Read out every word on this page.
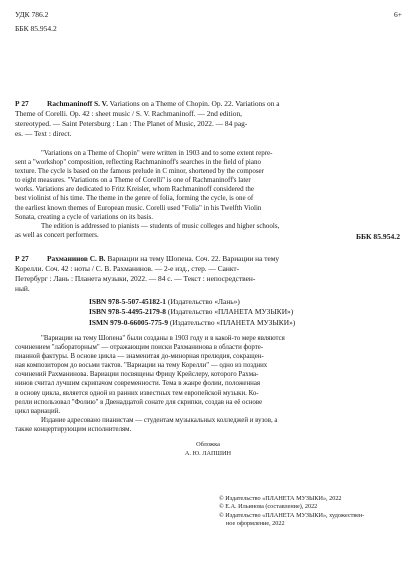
УДК 786.2	6+
ББК 85.954.2
Р 27 Rachmaninoff S. V. Variations on a Theme of Chopin. Op. 22. Variations on a
Theme of Corelli. Op. 42 : sheet music / S. V. Rachmaninoff. — 2nd edition,
stereotyped. — Saint Petersburg : Lan : The Planet of Music, 2022. — 84 pag-
es. — Text : direct.
"Variations on a Theme of Chopin" were written in 1903 and to some extent repre-
sent a "workshop" composition, reflecting Rachmaninoff's searches in the field of piano
texture. The cycle is based on the famous prelude in C minor, shortened by the composer
to eight measures. "Variations on a Theme of Corelli" is one of Rachmaninoff's later
works. Variations are dedicated to Fritz Kreisler, whom Rachmaninoff considered the
best violinist of his time. The theme in the genre of folia, forming the cycle, is one of
the earliest known themes of European music. Corelli used "Folia" in his Twelfth Violin
Sonata, creating a cycle of variations on its basis.
The edition is addressed to pianists — students of music colleges and higher schools,
as well as concert performers.	ББК 85.954.2
Р 27 Рахманинов С. В. Вариации на тему Шопена. Соч. 22. Вариации на тему
Корелли. Соч. 42 : ноты / С. В. Рахманинов. — 2-е изд., стер. — Санкт-
Петербург : Лань : Планета музыки, 2022. — 84 с. — Текст : непосредствен-
ный.
ISBN 978-5-507-45182-1 (Издательство «Лань»)
ISBN 978-5-4495-2179-8 (Издательство «ПЛАНЕТА МУЗЫКИ»)
ISMN 979-0-66005-775-9 (Издательство «ПЛАНЕТА МУЗЫКИ»)
"Вариации на тему Шопена" были созданы в 1903 году и в какой-то мере являются
сочинением "лабораторным" — отражающим поиски Рахманинова в области форте-
пианной фактуры. В основе цикла — знаменитая до-минорная прелюдия, сокращен-
ная композитором до восьми тактов. "Вариации на тему Корелли" — одно из поздних
сочинений Рахманинова. Вариации посвящены Фрицу Крейслеру, которого Рахма-
нинов считал лучшим скрипачом современности. Тема в жанре фолии, положенная
в основу цикла, является одной из ранних известных тем европейской музыки. Ко-
релли использовал "Фолию" в Двенадцатой сонате для скрипки, создав на её основе
цикл вариаций.
Издание адресовано пианистам — студентам музыкальных колледжей и вузов, а
также концертирующим исполнителям.
Обложка
А. Ю. ЛАПШИН
© Издательство «ПЛАНЕТА МУЗЫКИ», 2022
© Е.А. Ильинова (составление), 2022
© Издательство «ПЛАНЕТА МУЗЫКИ», художествен-
ное оформление, 2022
